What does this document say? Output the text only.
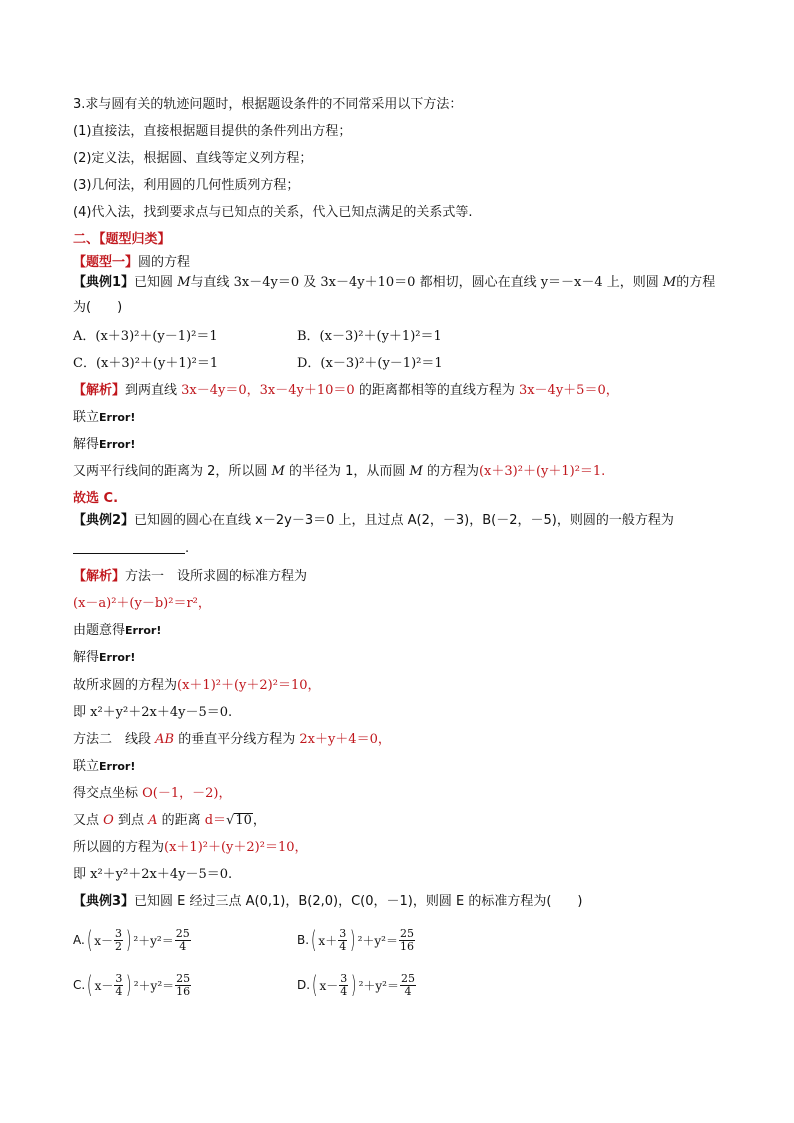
3.求与圆有关的轨迹问题时，根据题设条件的不同常采用以下方法：
(1)直接法，直接根据题目提供的条件列出方程；
(2)定义法，根据圆、直线等定义列方程；
(3)几何法，利用圆的几何性质列方程；
(4)代入法，找到要求点与已知点的关系，代入已知点满足的关系式等.
二、【题型归类】
【题型一】圆的方程
【典例1】已知圆 M与直线 3x－4y＝0 及 3x－4y＋10＝0 都相切，圆心在直线 y＝－x－4 上，则圆 M的方程
为(　　)
A．(x＋3)²＋(y－1)²＝1	B．(x－3)²＋(y＋1)²＝1
C．(x＋3)²＋(y＋1)²＝1	D．(x－3)²＋(y－1)²＝1
【解析】到两直线 3x－4y＝0，3x－4y＋10＝0 的距离都相等的直线方程为 3x－4y＋5＝0，
联立Error!
解得Error!
又两平行线间的距离为 2，所以圆 M 的半径为 1，从而圆 M 的方程为(x＋3)²＋(y＋1)²＝1.
故选 C.
【典例2】已知圆的圆心在直线 x－2y－3＝0 上，且过点 A(2，－3)，B(－2，－5)，则圆的一般方程为
.
【解析】方法一　设所求圆的标准方程为
(x－a)²＋(y－b)²＝r²，
由题意得Error!
解得Error!
故所求圆的方程为(x＋1)²＋(y＋2)²＝10，
即 x²＋y²＋2x＋4y－5＝0.
方法二　线段 AB 的垂直平分线方程为 2x＋y＋4＝0，
联立Error!
得交点坐标 O(－1，－2)，
又点 O 到点 A 的距离 d＝√10，
所以圆的方程为(x＋1)²＋(y＋2)²＝10，
即 x²＋y²＋2x＋4y－5＝0.
【典例3】已知圆 E 经过三点 A(0,1)，B(2,0)，C(0，－1)，则圆 E 的标准方程为(　　)
A. ( $x- \frac{3}{2}$ ) $^2+y^2= \frac{25}{4}$	B. ( $x+ \frac{3}{4}$ ) $^2+y^2= \frac{25}{16}$
C. ( $x- \frac{3}{4}$ ) $^2+y^2= \frac{25}{16}$	D. ( $x- \frac{3}{4}$ ) $^2+y^2= \frac{25}{4}$
